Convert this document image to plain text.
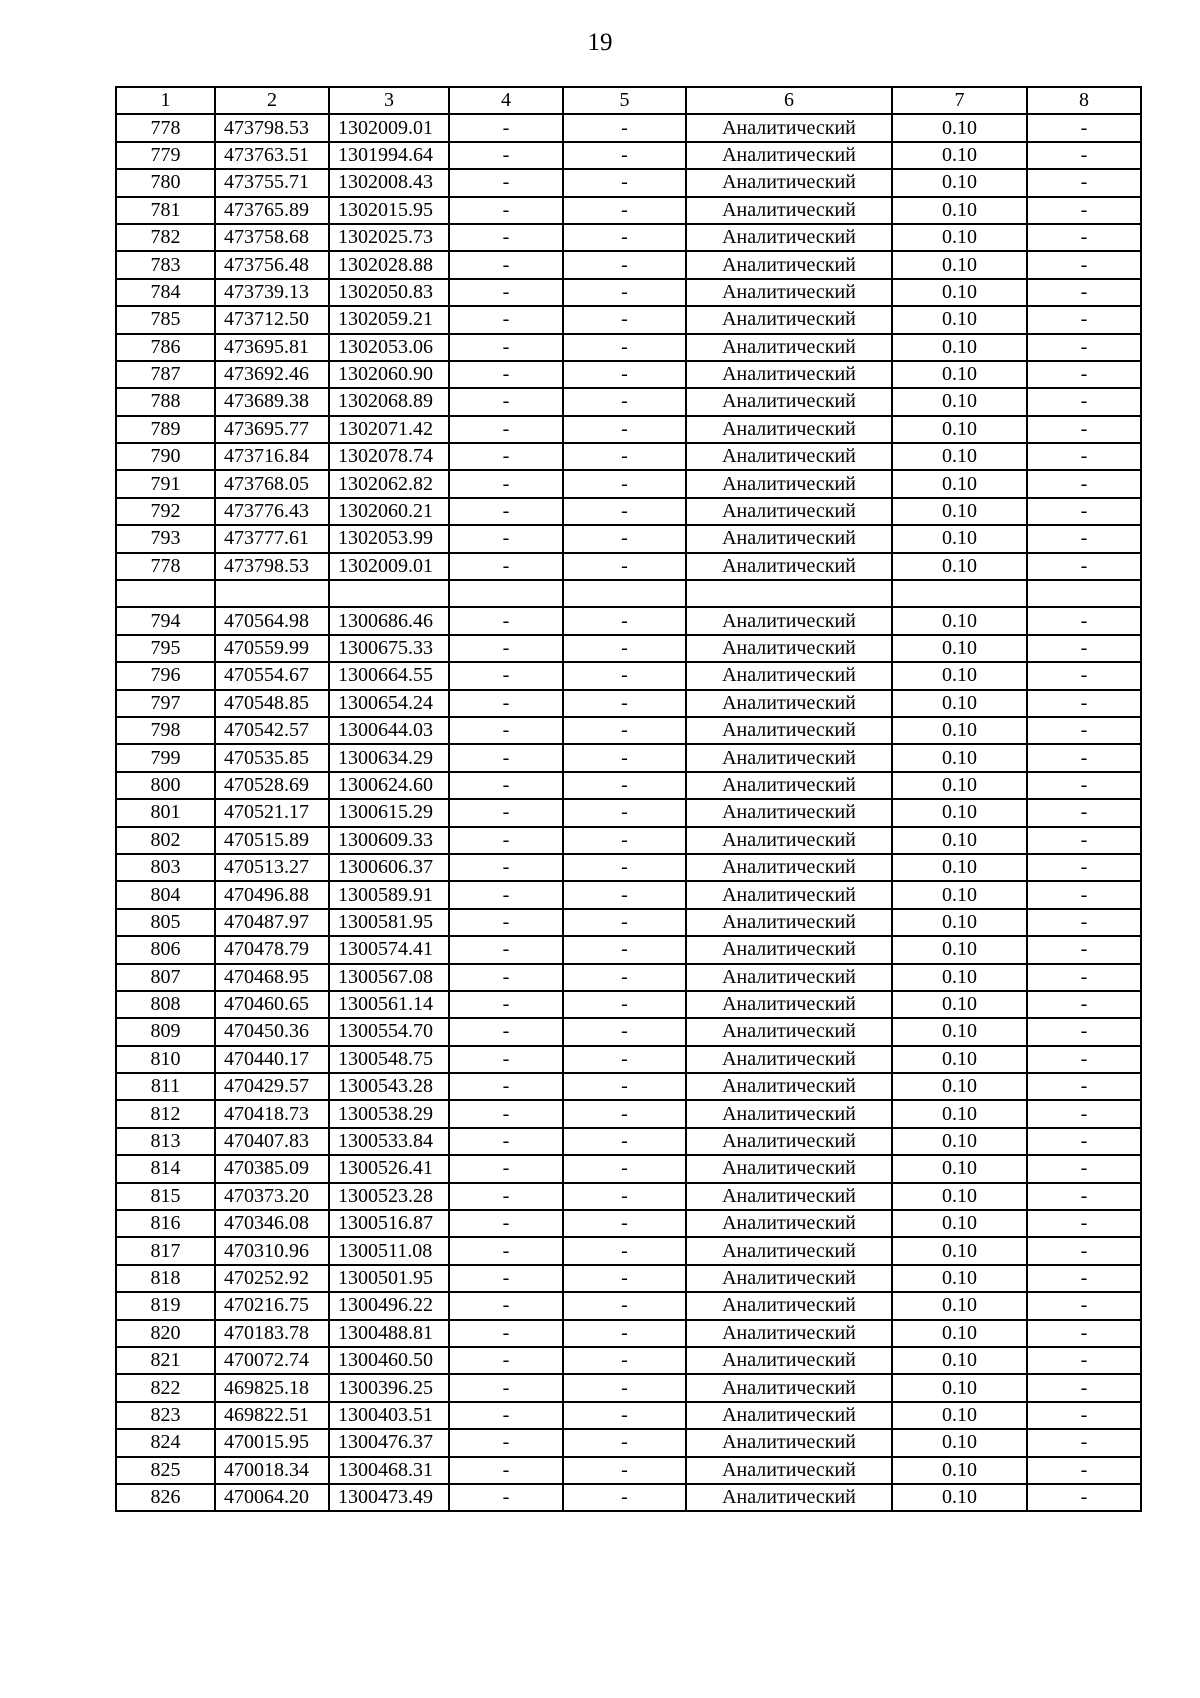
19
1	2	3	4	5	6	7	8
778	473798.53	1302009.01	-	-	Аналитический	0.10	-
779	473763.51	1301994.64	-	-	Аналитический	0.10	-
780	473755.71	1302008.43	-	-	Аналитический	0.10	-
781	473765.89	1302015.95	-	-	Аналитический	0.10	-
782	473758.68	1302025.73	-	-	Аналитический	0.10	-
783	473756.48	1302028.88	-	-	Аналитический	0.10	-
784	473739.13	1302050.83	-	-	Аналитический	0.10	-
785	473712.50	1302059.21	-	-	Аналитический	0.10	-
786	473695.81	1302053.06	-	-	Аналитический	0.10	-
787	473692.46	1302060.90	-	-	Аналитический	0.10	-
788	473689.38	1302068.89	-	-	Аналитический	0.10	-
789	473695.77	1302071.42	-	-	Аналитический	0.10	-
790	473716.84	1302078.74	-	-	Аналитический	0.10	-
791	473768.05	1302062.82	-	-	Аналитический	0.10	-
792	473776.43	1302060.21	-	-	Аналитический	0.10	-
793	473777.61	1302053.99	-	-	Аналитический	0.10	-
778	473798.53	1302009.01	-	-	Аналитический	0.10	-

794	470564.98	1300686.46	-	-	Аналитический	0.10	-
795	470559.99	1300675.33	-	-	Аналитический	0.10	-
796	470554.67	1300664.55	-	-	Аналитический	0.10	-
797	470548.85	1300654.24	-	-	Аналитический	0.10	-
798	470542.57	1300644.03	-	-	Аналитический	0.10	-
799	470535.85	1300634.29	-	-	Аналитический	0.10	-
800	470528.69	1300624.60	-	-	Аналитический	0.10	-
801	470521.17	1300615.29	-	-	Аналитический	0.10	-
802	470515.89	1300609.33	-	-	Аналитический	0.10	-
803	470513.27	1300606.37	-	-	Аналитический	0.10	-
804	470496.88	1300589.91	-	-	Аналитический	0.10	-
805	470487.97	1300581.95	-	-	Аналитический	0.10	-
806	470478.79	1300574.41	-	-	Аналитический	0.10	-
807	470468.95	1300567.08	-	-	Аналитический	0.10	-
808	470460.65	1300561.14	-	-	Аналитический	0.10	-
809	470450.36	1300554.70	-	-	Аналитический	0.10	-
810	470440.17	1300548.75	-	-	Аналитический	0.10	-
811	470429.57	1300543.28	-	-	Аналитический	0.10	-
812	470418.73	1300538.29	-	-	Аналитический	0.10	-
813	470407.83	1300533.84	-	-	Аналитический	0.10	-
814	470385.09	1300526.41	-	-	Аналитический	0.10	-
815	470373.20	1300523.28	-	-	Аналитический	0.10	-
816	470346.08	1300516.87	-	-	Аналитический	0.10	-
817	470310.96	1300511.08	-	-	Аналитический	0.10	-
818	470252.92	1300501.95	-	-	Аналитический	0.10	-
819	470216.75	1300496.22	-	-	Аналитический	0.10	-
820	470183.78	1300488.81	-	-	Аналитический	0.10	-
821	470072.74	1300460.50	-	-	Аналитический	0.10	-
822	469825.18	1300396.25	-	-	Аналитический	0.10	-
823	469822.51	1300403.51	-	-	Аналитический	0.10	-
824	470015.95	1300476.37	-	-	Аналитический	0.10	-
825	470018.34	1300468.31	-	-	Аналитический	0.10	-
826	470064.20	1300473.49	-	-	Аналитический	0.10	-
